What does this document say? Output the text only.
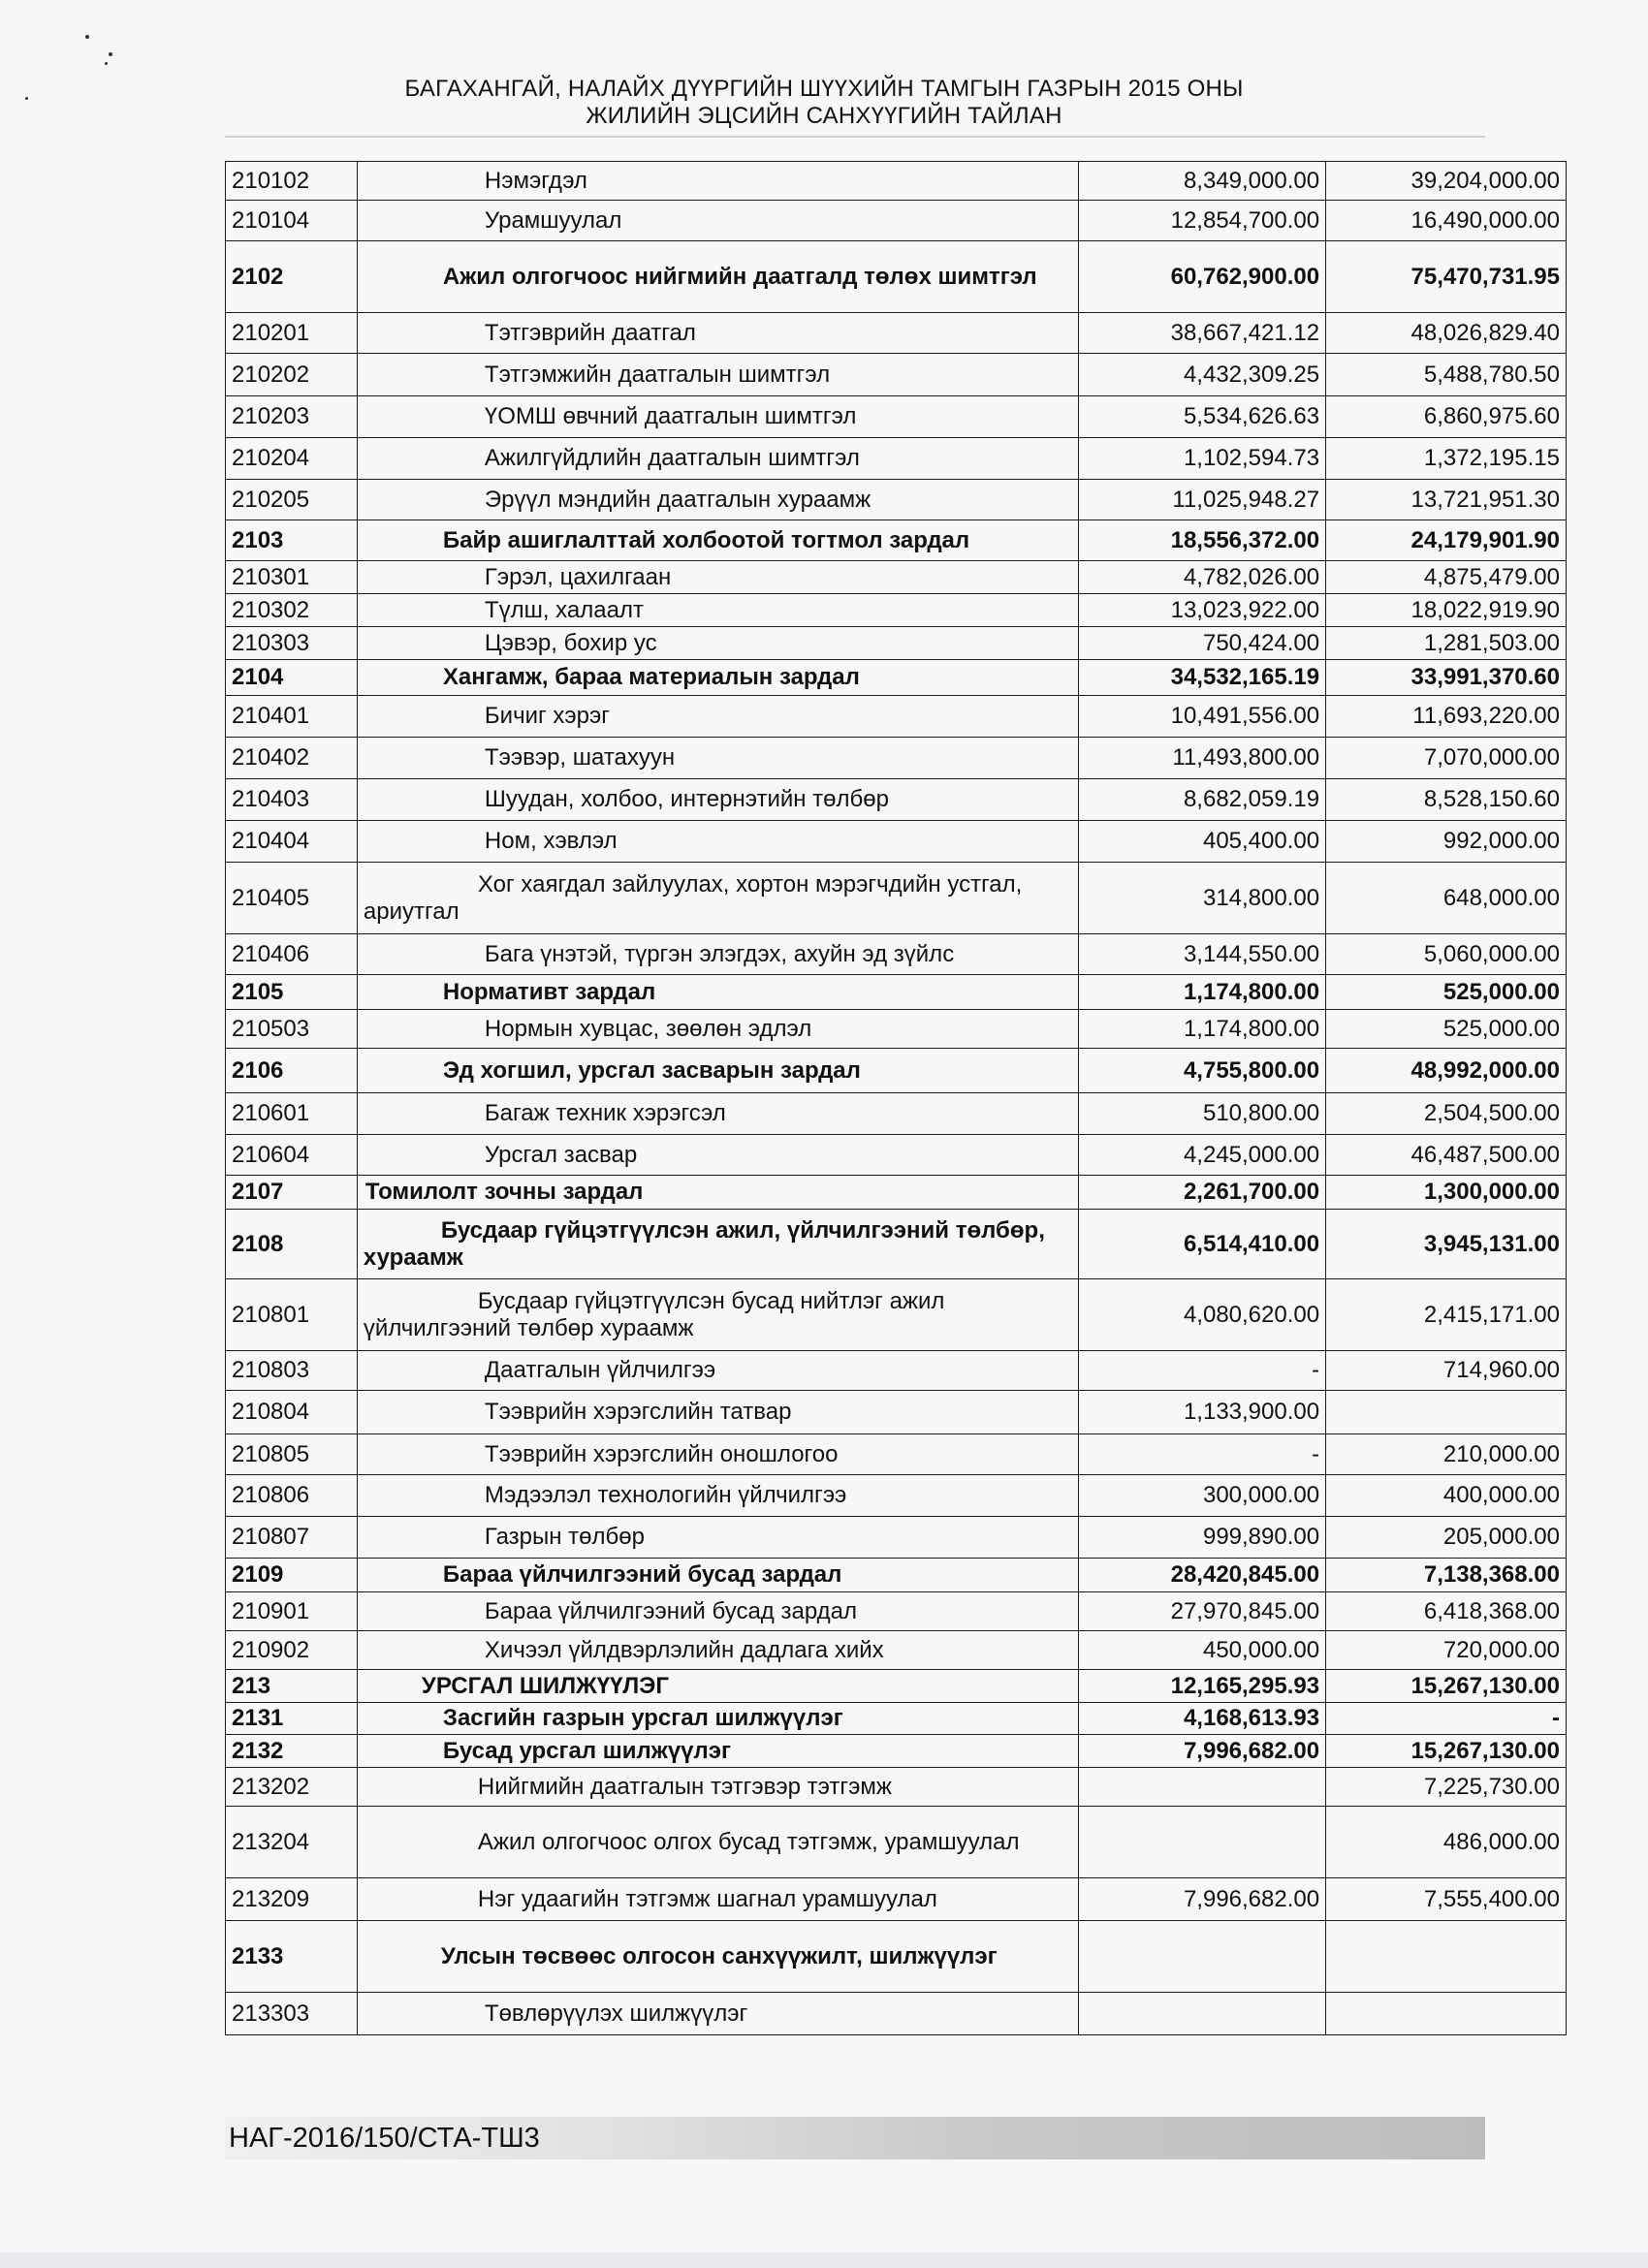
БАГАХАНГАЙ, НАЛАЙХ ДҮҮРГИЙН ШҮҮХИЙН ТАМГЫН ГАЗРЫН 2015 ОНЫ
ЖИЛИЙН ЭЦСИЙН САНХҮҮГИЙН ТАЙЛАН
210102	Нэмэгдэл	8,349,000.00	39,204,000.00
210104	Урамшуулал	12,854,700.00	16,490,000.00
2102	Ажил олгогчоос нийгмийн даатгалд төлөх шимтгэл	60,762,900.00	75,470,731.95
210201	Тэтгэврийн даатгал	38,667,421.12	48,026,829.40
210202	Тэтгэмжийн даатгалын шимтгэл	4,432,309.25	5,488,780.50
210203	ҮОМШ өвчний даатгалын шимтгэл	5,534,626.63	6,860,975.60
210204	Ажилгүйдлийн даатгалын шимтгэл	1,102,594.73	1,372,195.15
210205	Эрүүл мэндийн даатгалын хураамж	11,025,948.27	13,721,951.30
2103	Байр ашиглалттай холбоотой тогтмол зардал	18,556,372.00	24,179,901.90
210301	Гэрэл, цахилгаан	4,782,026.00	4,875,479.00
210302	Түлш, халаалт	13,023,922.00	18,022,919.90
210303	Цэвэр, бохир ус	750,424.00	1,281,503.00
2104	Хангамж, бараа материалын зардал	34,532,165.19	33,991,370.60
210401	Бичиг хэрэг	10,491,556.00	11,693,220.00
210402	Тээвэр, шатахуун	11,493,800.00	7,070,000.00
210403	Шуудан, холбоо, интернэтийн төлбөр	8,682,059.19	8,528,150.60
210404	Ном, хэвлэл	405,400.00	992,000.00
210405	Хог хаягдал зайлуулах, хортон мэрэгчдийн устгал, ариутгал	314,800.00	648,000.00
210406	Бага үнэтэй, түргэн элэгдэх, ахуйн эд зүйлс	3,144,550.00	5,060,000.00
2105	Нормативт зардал	1,174,800.00	525,000.00
210503	Нормын хувцас, зөөлөн эдлэл	1,174,800.00	525,000.00
2106	Эд хогшил, урсгал засварын зардал	4,755,800.00	48,992,000.00
210601	Багаж техник хэрэгсэл	510,800.00	2,504,500.00
210604	Урсгал засвар	4,245,000.00	46,487,500.00
2107	Томилолт зочны зардал	2,261,700.00	1,300,000.00
2108	Бусдаар гүйцэтгүүлсэн ажил, үйлчилгээний төлбөр, хураамж	6,514,410.00	3,945,131.00
210801	Бусдаар гүйцэтгүүлсэн бусад нийтлэг ажил үйлчилгээний төлбөр хураамж	4,080,620.00	2,415,171.00
210803	Даатгалын үйлчилгээ	-	714,960.00
210804	Тээврийн хэрэгслийн татвар	1,133,900.00	
210805	Тээврийн хэрэгслийн оношлогоо	-	210,000.00
210806	Мэдээлэл технологийн үйлчилгээ	300,000.00	400,000.00
210807	Газрын төлбөр	999,890.00	205,000.00
2109	Бараа үйлчилгээний бусад зардал	28,420,845.00	7,138,368.00
210901	Бараа үйлчилгээний бусад зардал	27,970,845.00	6,418,368.00
210902	Хичээл үйлдвэрлэлийн дадлага хийх	450,000.00	720,000.00
213	УРСГАЛ ШИЛЖҮҮЛЭГ	12,165,295.93	15,267,130.00
2131	Засгийн газрын урсгал шилжүүлэг	4,168,613.93	-
2132	Бусад урсгал шилжүүлэг	7,996,682.00	15,267,130.00
213202	Нийгмийн даатгалын тэтгэвэр тэтгэмж		7,225,730.00
213204	Ажил олгогчоос олгох бусад тэтгэмж, урамшуулал		486,000.00
213209	Нэг удаагийн тэтгэмж шагнал урамшуулал	7,996,682.00	7,555,400.00
2133	Улсын төсвөөс олгосон санхүүжилт, шилжүүлэг		

213303	Төвлөрүүлэх шилжүүлэг		

НАГ-2016/150/СТА-ТШ3
